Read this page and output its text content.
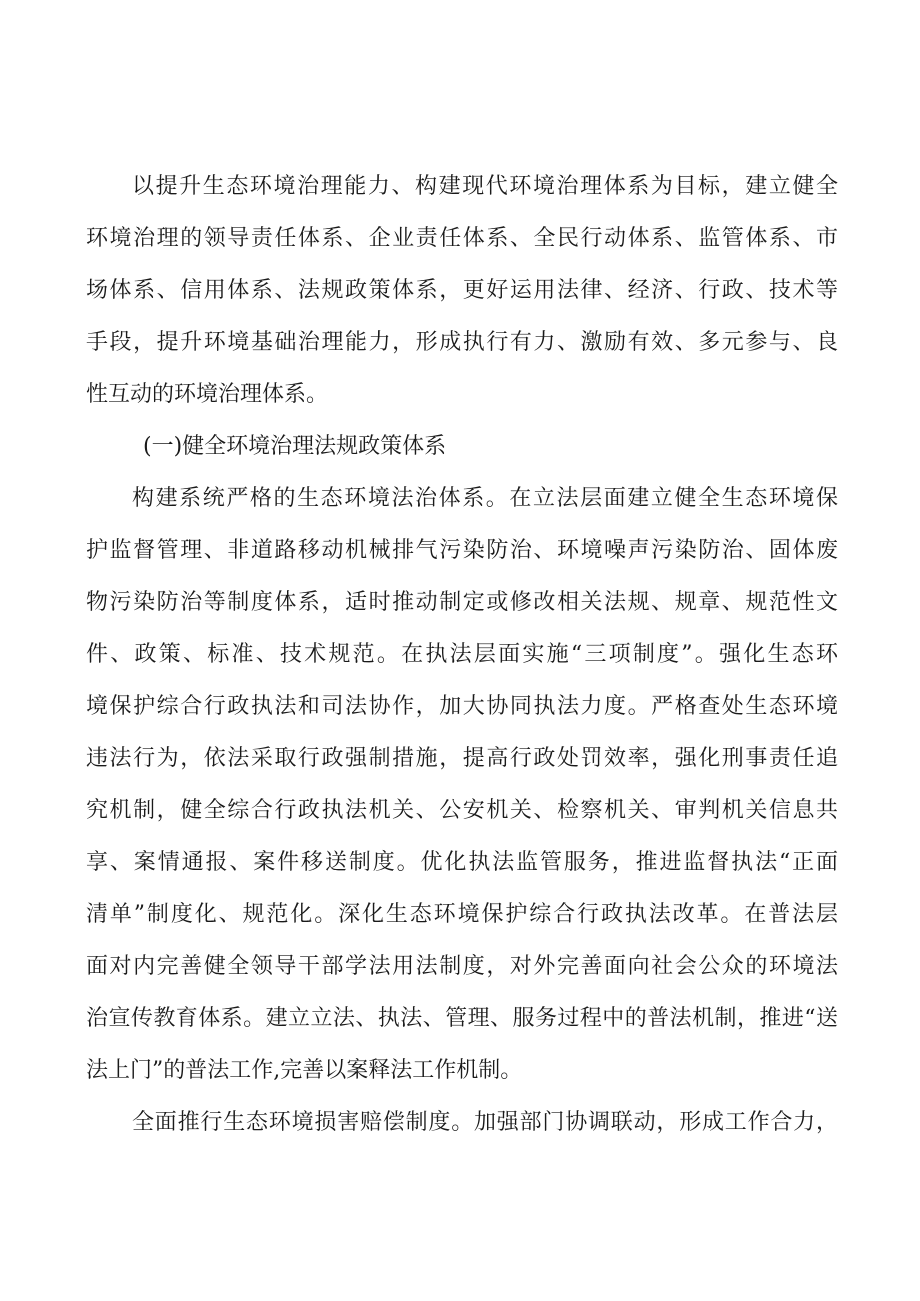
以提升生态环境治理能力、构建现代环境治理体系为目标，建立健全
环境治理的领导责任体系、企业责任体系、全民行动体系、监管体系、市
场体系、信用体系、法规政策体系，更好运用法律、经济、行政、技术等
手段，提升环境基础治理能力，形成执行有力、激励有效、多元参与、良
性互动的环境治理体系。
(一)健全环境治理法规政策体系
构建系统严格的生态环境法治体系。在立法层面建立健全生态环境保
护监督管理、非道路移动机械排气污染防治、环境噪声污染防治、固体废
物污染防治等制度体系，适时推动制定或修改相关法规、规章、规范性文
件、政策、标准、技术规范。在执法层面实施“三项制度”。强化生态环
境保护综合行政执法和司法协作，加大协同执法力度。严格查处生态环境
违法行为，依法采取行政强制措施，提高行政处罚效率，强化刑事责任追
究机制，健全综合行政执法机关、公安机关、检察机关、审判机关信息共
享、案情通报、案件移送制度。优化执法监管服务，推进监督执法“正面
清单”制度化、规范化。深化生态环境保护综合行政执法改革。在普法层
面对内完善健全领导干部学法用法制度，对外完善面向社会公众的环境法
治宣传教育体系。建立立法、执法、管理、服务过程中的普法机制，推进“送
法上门”的普法工作,完善以案释法工作机制。
全面推行生态环境损害赔偿制度。加强部门协调联动，形成工作合力，
